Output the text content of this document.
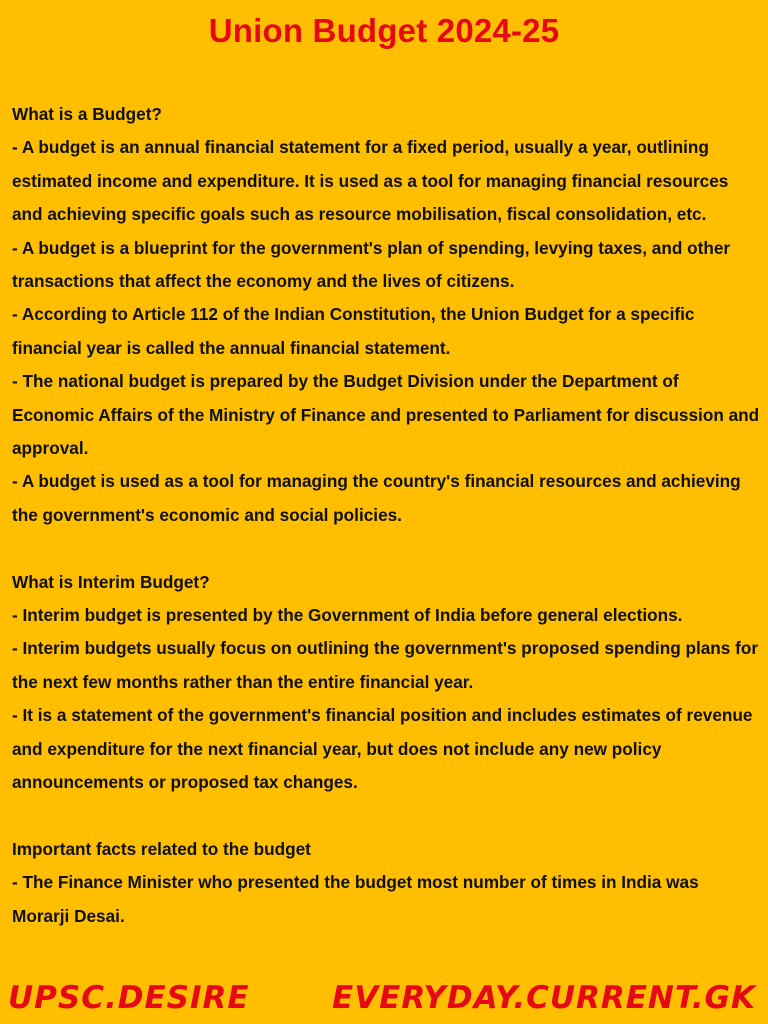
Union Budget 2024-25
What is a Budget?
- A budget is an annual financial statement for a fixed period, usually a year, outlining estimated income and expenditure. It is used as a tool for managing financial resources and achieving specific goals such as resource mobilisation, fiscal consolidation, etc.
- A budget is a blueprint for the government's plan of spending, levying taxes, and other transactions that affect the economy and the lives of citizens.
- According to Article 112 of the Indian Constitution, the Union Budget for a specific financial year is called the annual financial statement.
- The national budget is prepared by the Budget Division under the Department of Economic Affairs of the Ministry of Finance and presented to Parliament for discussion and approval.
- A budget is used as a tool for managing the country's financial resources and achieving the government's economic and social policies.
What is Interim Budget?
- Interim budget is presented by the Government of India before general elections.
- Interim budgets usually focus on outlining the government's proposed spending plans for the next few months rather than the entire financial year.
- It is a statement of the government's financial position and includes estimates of revenue and expenditure for the next financial year, but does not include any new policy announcements or proposed tax changes.
Important facts related to the budget
- The Finance Minister who presented the budget most number of times in India was Morarji Desai.
UPSC.DESIRE	EVERYDAY.CURRENT.GK
